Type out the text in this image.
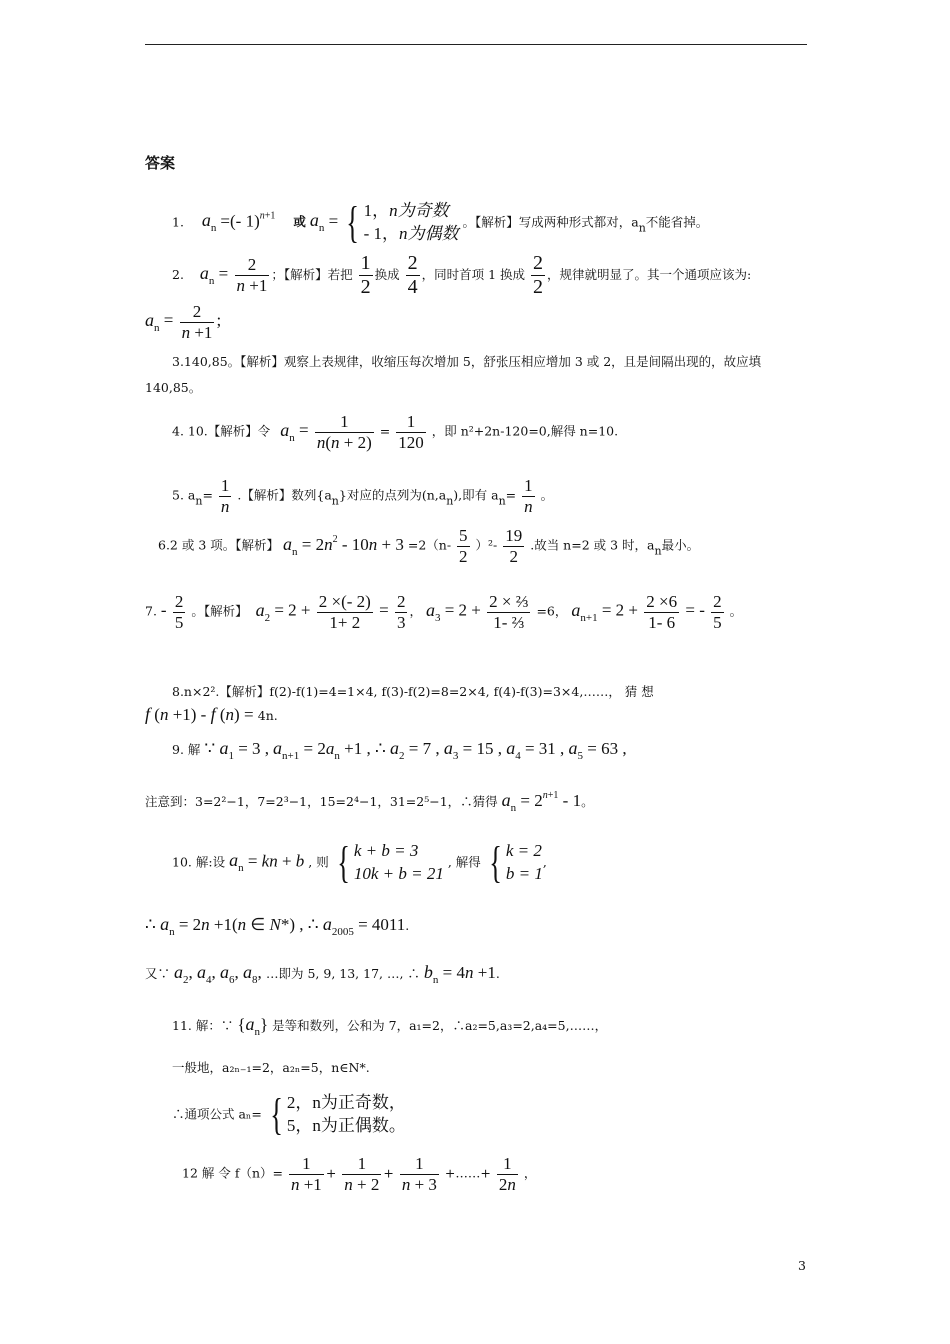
答案
1. $a_n$ =(- 1)$^{n+1}$ 或 $a_n$ = { 1，n为奇数
- 1，n为偶数
。【解析】写成两种形式都对，an不能省掉。
2. $a_n = \frac{2}{n +1}$ ；【解析】若把 $\frac{1}{2}$ 换成 $\frac{2}{4}$ ，同时首项 1 换成 $\frac{2}{2}$ ，规律就明显了。其一个通项应该为:
$a_n = \frac{2}{n +1}$ ;
3.140,85。【解析】观察上表规律，收缩压每次增加 5，舒张压相应增加 3 或 2，且是间隔出现的，故应填
140,85。
4. 10.【解析】令 $a_n = \frac{1}{n(n + 2)} = \frac{1}{120}$ ，即 n²+2n-120=0,解得 n=10.
5. $an= \frac{1}{n}$ .【解析】数列{an}对应的点列为(n,an),即有 $an= \frac{1}{n}$ 。
6.2 或 3 项。【解析】 $a_n = 2n^2 - 10n + 3 =2(n- \frac{5}{2} )^2- \frac{19}{2}$ .故当 n=2 或 3 时，an最小。
7. - $\frac{2}{5}$ 。【解析】 $a_2 = 2 + \frac{2 \times(- 2)}{1+ 2} = \frac{2}{3}$ ， $a_3 = 2 + \frac{\text{2 × ⅔}}{\text{1- ⅔}} =6$， $a_{n+1} = 2 + \frac{2 \times 6}{1- 6}$ = - $\frac{2}{5}$ 。
8.n×2².【解析】f(2)-f(1)=4=1×4, f(3)-f(2)=8=2×4, f(4)-f(3)=3×4,……， 猜 想
f (n +1) - f (n) = 4n.
9. 解 ∵ $a_1 = 3$ , $a_{n+1} = 2a_n +1$ , ∴ $a_2 = 7$ , $a_3 = 15$ , $a_4 = 31$ , $a_5 = 63$ ,
注意到：3=2²−1，7=2³−1，15=2⁴−1，31=2⁵−1，∴猜得 $a_n = 2^{n+1} - 1$。
10. 解:设 $a_n$ = kn + b , 则 { k + b = 3
10k + b = 21
, 解得 { k = 2
b = 1
,
∴ $a_n = 2n +1(n$ ∈ N*) , ∴ $a_{2005} = 4011$.
又∵ $a_2$, $a_4$, $a_6$, $a_8$, …即为 5, 9, 13, 17, …, ∴ $b_n = 4n +1$.
11. 解：∵ $\{a_n\}$ 是等和数列，公和为 7，a₁=2，∴a₂=5,a₃=2,a₄=5,……，
一般地，a₂ₙ₋₁=2，a₂ₙ=5，n∈N*.
∴通项公式 aₙ= { 2，n为正奇数，
5，n为正偶数。
12 解 令 $f(n)= \frac{1}{n +1} + \frac{1}{n + 2} + \frac{1}{n + 3}$ +……+ $\frac{1}{2n}$ ，
3
